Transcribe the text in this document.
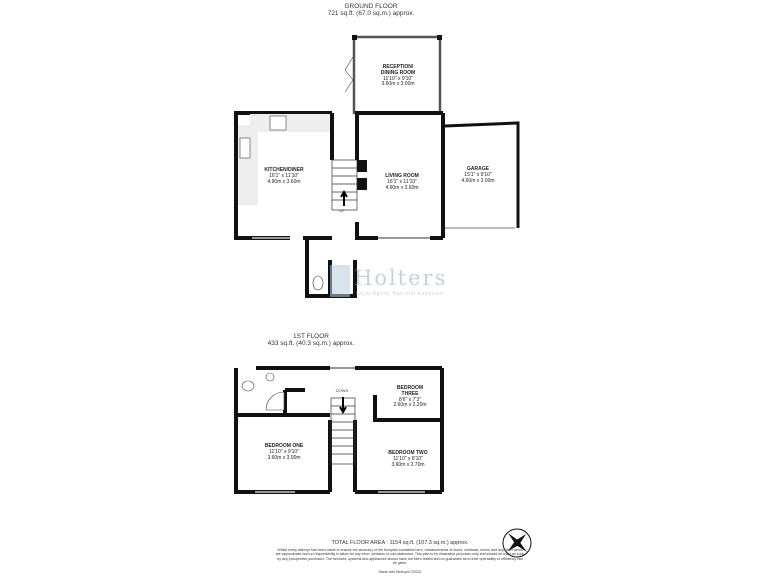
Holters
Local Agent, National Exposure
GROUND FLOOR
721 sq.ft. (67.0 sq.m.) approx.
RECEPTION/
DINING ROOM
11'10" x 9'10"
3.60m x 3.00m
KITCHEN/DINER
16'1" x 11'10"
4.90m x 3.60m
LIVING ROOM
16'1" x 11'10"
4.90m x 3.60m
GARAGE
15'1" x 9'10"
4.60m x 3.00m
UP
1ST FLOOR
433 sq.ft. (40.3 sq.m.) approx.
BEDROOM ONE
11'10" x 9'10"
3.60m x 3.00m
BEDROOM
THREE
8'6" x 7'3"
2.60m x 2.20m
BEDROOM TWO
11'10" x 8'10"
3.60m x 2.70m
DOWN
TOTAL FLOOR AREA : 1154 sq.ft. (107.3 sq.m.) approx.
Whilst every attempt has been made to ensure the accuracy of the floorplan contained here, measurements of doors, windows, rooms and any other items are approximate and no responsibility is taken for any error, omission or mis-statement. This plan is for illustrative purposes only and should be used as such by any prospective purchaser. The services, systems and appliances shown have not been tested and no guarantee as to their operability or efficiency can be given.
Made with Metropix ©2025
